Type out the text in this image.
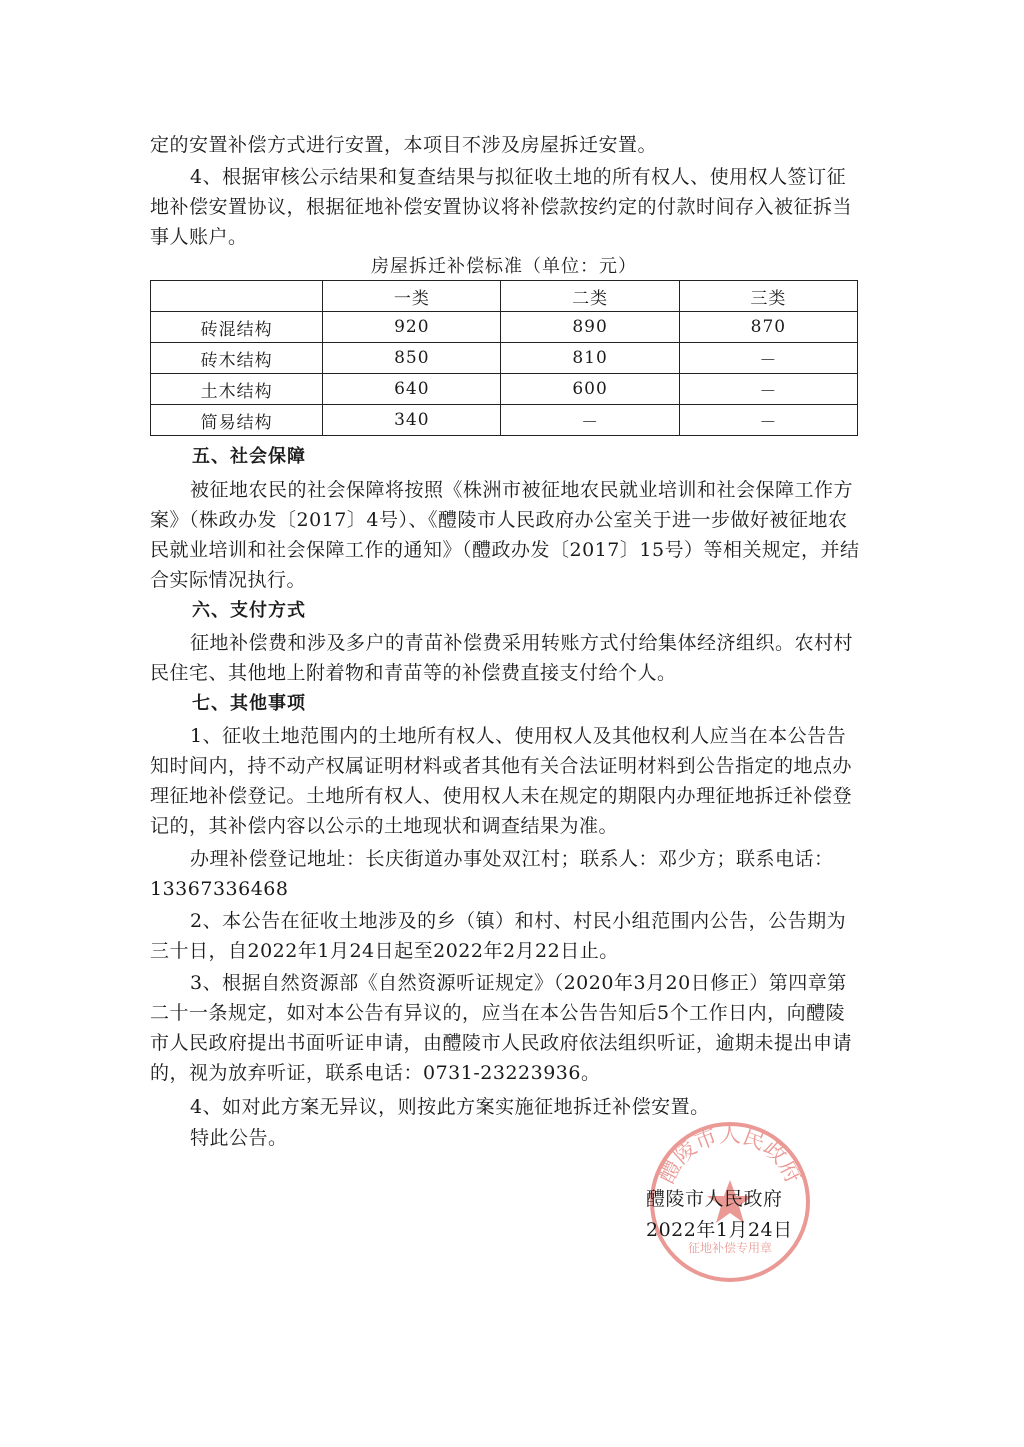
定的安置补偿方式进行安置，本项目不涉及房屋拆迁安置。
4、根据审核公示结果和复查结果与拟征收土地的所有权人、使用权人签订征地补偿安置协议，根据征地补偿安置协议将补偿款按约定的付款时间存入被征拆当事人账户。
房屋拆迁补偿标准（单位：元）
	一类	二类	三类
砖混结构	920	890	870
砖木结构	850	810	－
土木结构	640	600	－
简易结构	340	－	－
五、社会保障
被征地农民的社会保障将按照《株洲市被征地农民就业培训和社会保障工作方案》（株政办发〔2017〕4号）、《醴陵市人民政府办公室关于进一步做好被征地农民就业培训和社会保障工作的通知》（醴政办发〔2017〕15号）等相关规定，并结合实际情况执行。
六、支付方式
征地补偿费和涉及多户的青苗补偿费采用转账方式付给集体经济组织。农村村民住宅、其他地上附着物和青苗等的补偿费直接支付给个人。
七、其他事项
1、征收土地范围内的土地所有权人、使用权人及其他权利人应当在本公告告知时间内，持不动产权属证明材料或者其他有关合法证明材料到公告指定的地点办理征地补偿登记。土地所有权人、使用权人未在规定的期限内办理征地拆迁补偿登记的，其补偿内容以公示的土地现状和调查结果为准。
办理补偿登记地址：长庆街道办事处双江村；联系人：邓少方；联系电话：13367336468
2、本公告在征收土地涉及的乡（镇）和村、村民小组范围内公告，公告期为三十日，自2022年1月24日起至2022年2月22日止。
3、根据自然资源部《自然资源听证规定》（2020年3月20日修正）第四章第二十一条规定，如对本公告有异议的，应当在本公告告知后5个工作日内，向醴陵市人民政府提出书面听证申请，由醴陵市人民政府依法组织听证，逾期未提出申请的，视为放弃听证，联系电话：0731-23223936。
4、如对此方案无异议，则按此方案实施征地拆迁补偿安置。
特此公告。
醴陵市人民政府
征地补偿专用章
醴陵市人民政府
2022年1月24日
